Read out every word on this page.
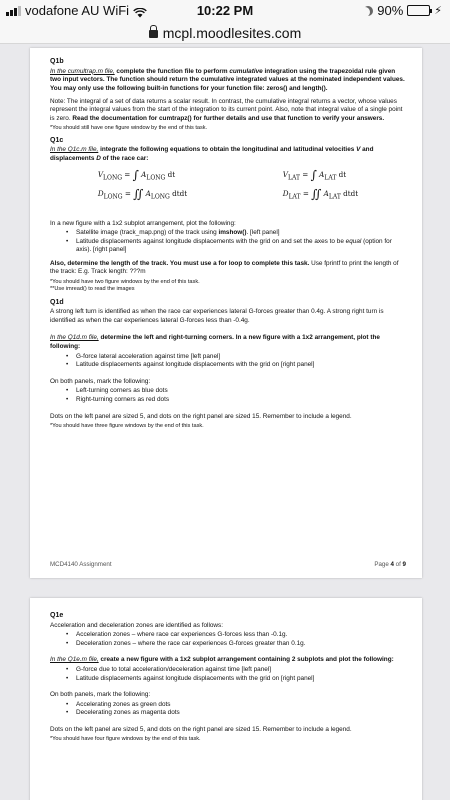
vodafone AU WiFi	10:22 PM	90%	⚡
mcpl.moodlesites.com
Q1b

In the cumultrap.m file, complete the function file to perform cumulative integration using the trapezoidal rule given two input vectors. The function should return the cumulative integrated values at the nominated independent values. You may only use the following built-in functions for your function file: zeros() and length().

Note: The integral of a set of data returns a scalar result. In contrast, the cumulative integral returns a vector, whose values represent the integral values from the start of the integration to its current point. Also, note that integral value of a single point is zero. Read the documentation for cumtrapz() for further details and use that function to verify your answers.

*You should still have one figure window by the end of this task.

Q1c

In the Q1c.m file, integrate the following equations to obtain the longitudinal and latitudinal velocities V and displacements D of the race car:

$V_{LONG}$ = ∫ $A_{LONG}$ dt
$D_{LONG}$ = ∬ $A_{LONG}$ dtdt
$V_{LAT}$ = ∫ $A_{LAT}$ dt
$D_{LAT}$ = ∬ $A_{LAT}$ dtdt

In a new figure with a 1x2 subplot arrangement, plot the following:

• Satellite image (track_map.png) of the track using imshow(). [left panel]
• Latitude displacements against longitude displacements with the grid on and set the axes to be equal (option for axis). [right panel]

Also, determine the length of the track. You must use a for loop to complete this task. Use fprintf to print the length of the track: E.g. Track length: ???m

*You should have two figure windows by the end of this task.
**Use imread() to read the images

Q1d

A strong left turn is identified as when the race car experiences lateral G-forces greater than 0.4g. A strong right turn is identified as when the car experiences lateral G-forces less than -0.4g.

In the Q1d.m file, determine the left and right-turning corners. In a new figure with a 1x2 arrangement, plot the following:

• G-force lateral acceleration against time [left panel]
• Latitude displacements against longitude displacements with the grid on [right panel]

On both panels, mark the following:

• Left-turning corners as blue dots
• Right-turning corners as red dots

Dots on the left panel are sized 5, and dots on the right panel are sized 15. Remember to include a legend.

*You should have three figure windows by the end of this task.

MCD4140 Assignment	Page 4 of 9
Q1e

Acceleration and deceleration zones are identified as follows:

• Acceleration zones – where race car experiences G-forces less than -0.1g.
• Deceleration zones – where the race car experiences G-forces greater than 0.1g.

In the Q1e.m file, create a new figure with a 1x2 subplot arrangement containing 2 subplots and plot the following:

• G-force due to total acceleration/deceleration against time [left panel]
• Latitude displacements against longitude displacements with the grid on [right panel]

On both panels, mark the following:

• Accelerating zones as green dots
• Decelerating zones as magenta dots

Dots on the left panel are sized 5, and dots on the right panel are sized 15. Remember to include a legend.

*You should have four figure windows by the end of this task.
